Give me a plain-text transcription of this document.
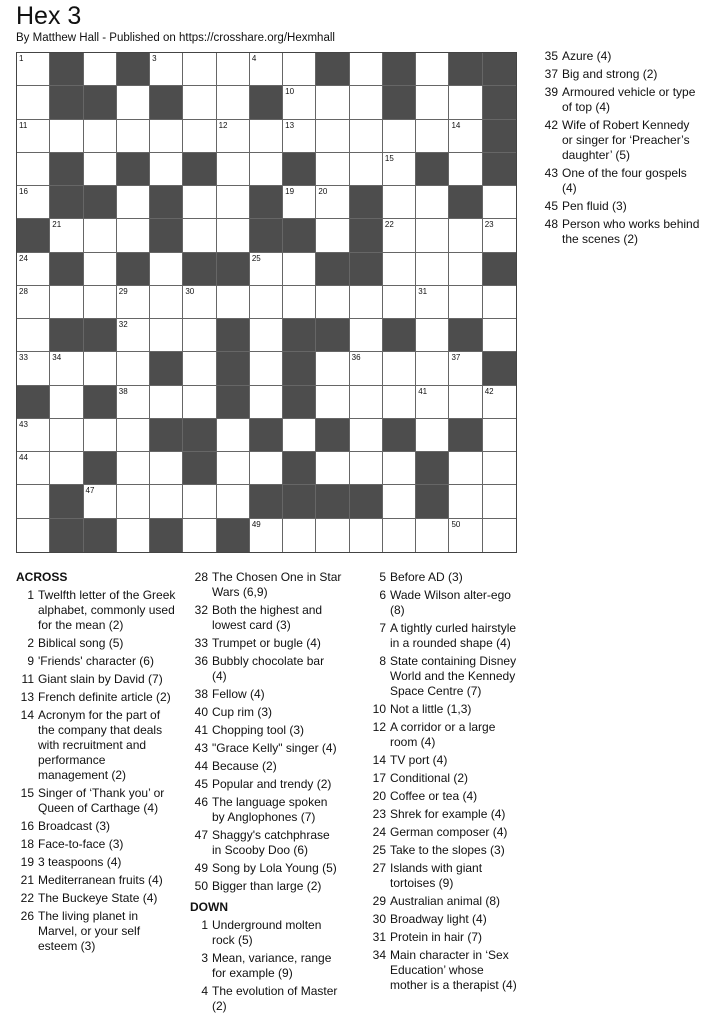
Hex 3
By Matthew Hall - Published on https://crosshare.org/Hexmhall
1	3	4
10
11	12	13	14
15
16	19	20
21	22	23
24	25
28	29	30	31
32
33	34	36	37
38	41	42
43
44
47
49	50
ACROSS
1 Twelfth letter of the Greek alphabet, commonly used for the mean (2)
2 Biblical song (5)
9 'Friends' character (6)
11 Giant slain by David (7)
13 French definite article (2)
14 Acronym for the part of the company that deals with recruitment and performance management (2)
15 Singer of ‘Thank you’ or Queen of Carthage (4)
16 Broadcast (3)
18 Face-to-face (3)
19 3 teaspoons (4)
21 Mediterranean fruits (4)
22 The Buckeye State (4)
26 The living planet in Marvel, or your self esteem (3)
28 The Chosen One in Star Wars (6,9)
32 Both the highest and lowest card (3)
33 Trumpet or bugle (4)
36 Bubbly chocolate bar (4)
38 Fellow (4)
40 Cup rim (3)
41 Chopping tool (3)
43 "Grace Kelly" singer (4)
44 Because (2)
45 Popular and trendy (2)
46 The language spoken by Anglophones (7)
47 Shaggy's catchphrase in Scooby Doo (6)
49 Song by Lola Young (5)
50 Bigger than large (2)
DOWN
1 Underground molten rock (5)
3 Mean, variance, range for example (9)
4 The evolution of Master (2)
5 Before AD (3)
6 Wade Wilson alter-ego (8)
7 A tightly curled hairstyle in a rounded shape (4)
8 State containing Disney World and the Kennedy Space Centre (7)
10 Not a little (1,3)
12 A corridor or a large room (4)
14 TV port (4)
17 Conditional (2)
20 Coffee or tea (4)
23 Shrek for example (4)
24 German composer (4)
25 Take to the slopes (3)
27 Islands with giant tortoises (9)
29 Australian animal (8)
30 Broadway light (4)
31 Protein in hair (7)
34 Main character in ‘Sex Education’ whose mother is a therapist (4)
35 Azure (4)
37 Big and strong (2)
39 Armoured vehicle or type of top (4)
42 Wife of Robert Kennedy or singer for ‘Preacher’s daughter’ (5)
43 One of the four gospels (4)
45 Pen fluid (3)
48 Person who works behind the scenes (2)
